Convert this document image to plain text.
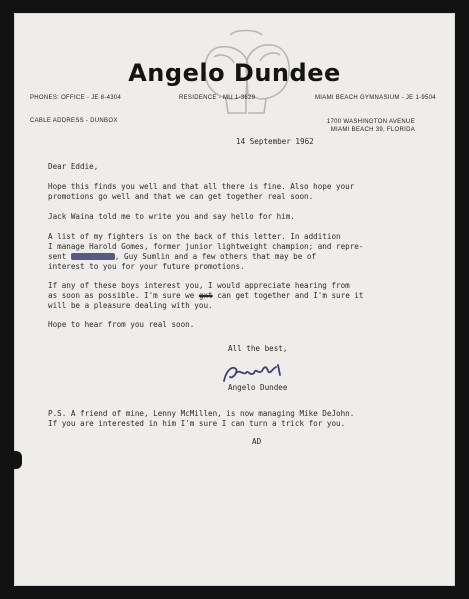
Angelo Dundee
PHONES: OFFICE - JE 8-4304	RESIDENCE - MU 1-3629	MIAMI BEACH GYMNASIUM - JE 1-9504
CABLE ADDRESS - DUNBOX	1700 WASHINGTON AVENUE
MIAMI BEACH 39, FLORIDA
14 September 1962
Dear Eddie,
Hope this finds you well and that all there is fine. Also hope your
promotions go well and that we can get together real soon.
Jack Waina told me to write you and say hello for him.
A list of my fighters is on the back of this letter. In addition
I manage Harold Gomes, former junior lightweight champion; and repre-
sent	, Guy Sumlin and a few others that may be of
interest to you for your future promotions.
If any of these boys interest you, I would appreciate hearing from
as soon as possible. I'm sure we gxt can get together and I'm sure it
will be a pleasure dealing with you.
Hope to hear from you real soon.
All the best,
Angelo Dundee
P.S. A friend of mine, Lenny McMillen, is now managing Mike DeJohn.
If you are interested in him I'm sure I can turn a trick for you.
AD
